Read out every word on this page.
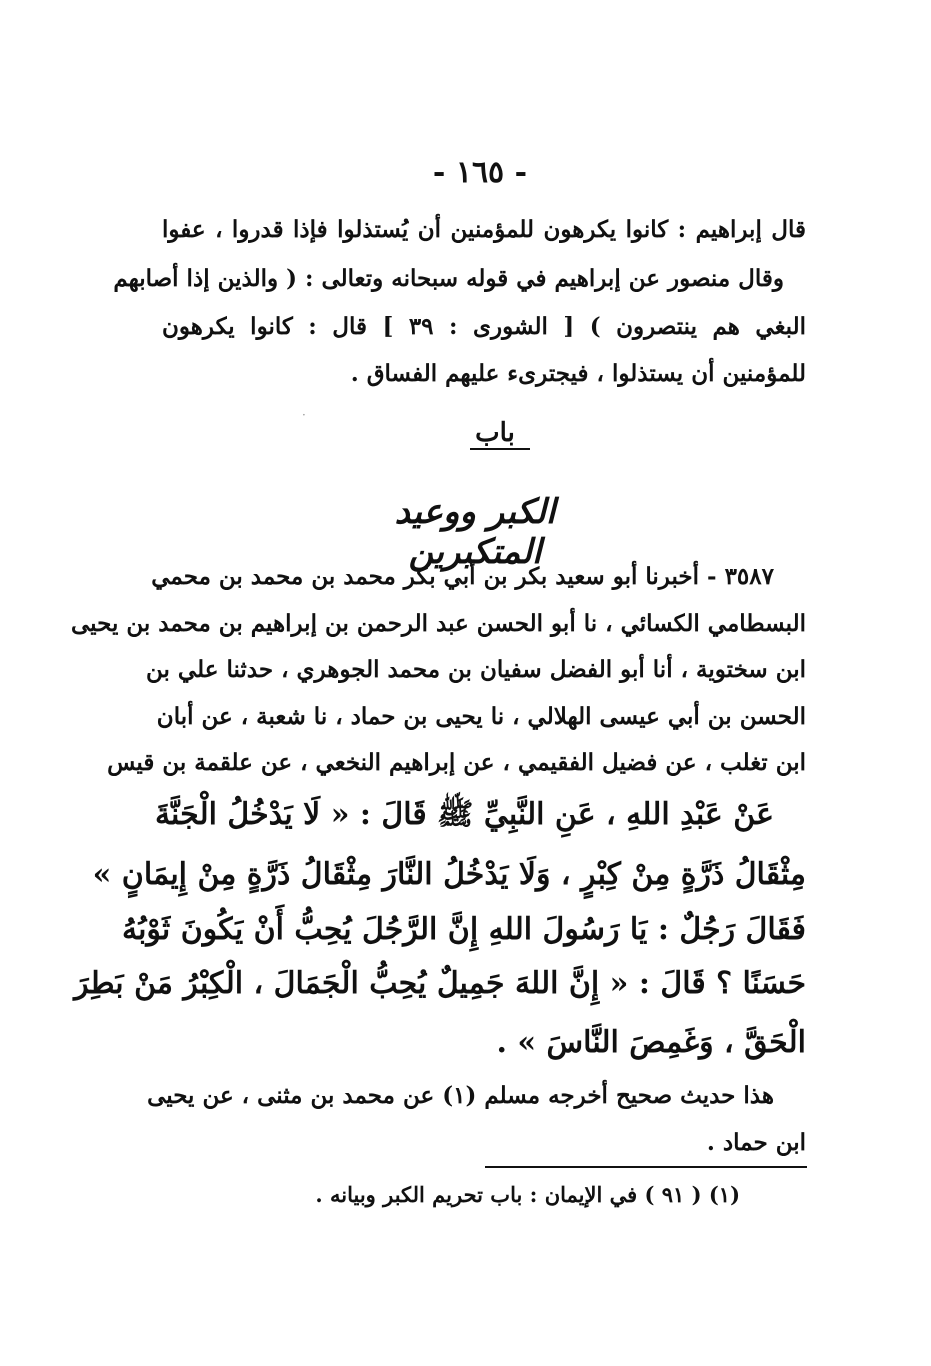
- ١٦٥ -
قال إبراهيم : كانوا يكرهون للمؤمنين أن يُستذلوا فإذا قدروا ، عفوا
وقال منصور عن إبراهيم في قوله سبحانه وتعالى : ( والذين إذا أصابهم
البغي هم ينتصرون ) [ الشورى : ٣٩ ] قال : كانوا يكرهون
للمؤمنين أن يستذلوا ، فيجترىء عليهم الفساق .
·
باب
الكبر ووعيد المتكبرين
٣٥٨٧ - أخبرنا أبو سعيد بكر بن أبي بكر محمد بن محمد بن محمي
البسطامي الكسائي ، نا أبو الحسن عبد الرحمن بن إبراهيم بن محمد بن يحيى
ابن سختوية ، أنا أبو الفضل سفيان بن محمد الجوهري ، حدثنا علي بن
الحسن بن أبي عيسى الهلالي ، نا يحيى بن حماد ، نا شعبة ، عن أبان
ابن تغلب ، عن فضيل الفقيمي ، عن إبراهيم النخعي ، عن علقمة بن قيس
عَنْ عَبْدِ اللهِ ، عَنِ النَّبِيِّ ﷺ قَالَ : « لَا يَدْخُلُ الْجَنَّةَ
مِثْقَالُ ذَرَّةٍ مِنْ كِبْرٍ ، وَلَا يَدْخُلُ النَّارَ مِثْقَالُ ذَرَّةٍ مِنْ إِيمَانٍ »
فَقَالَ رَجُلٌ : يَا رَسُولَ اللهِ إِنَّ الرَّجُلَ يُحِبُّ أَنْ يَكُونَ ثَوْبُهُ
حَسَنًا ؟ قَالَ : « إِنَّ اللهَ جَمِيلٌ يُحِبُّ الْجَمَالَ ، الْكِبْرُ مَنْ بَطِرَ
الْحَقَّ ، وَغَمِصَ النَّاسَ » .
هذا حديث صحيح أخرجه مسلم (١) عن محمد بن مثنى ، عن يحيى
ابن حماد .
(١) ( ٩١ ) في الإيمان : باب تحريم الكبر وبيانه .
